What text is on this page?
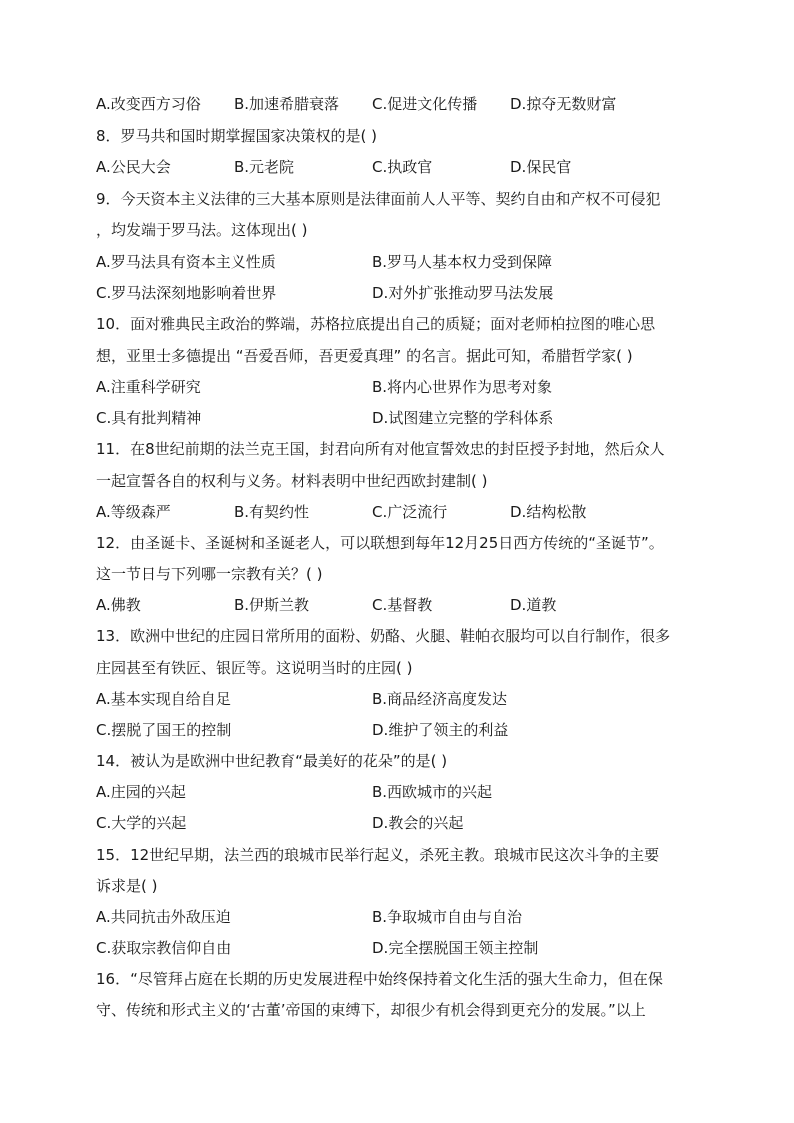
A.改变西方习俗 B.加速希腊衰落 C.促进文化传播 D.掠夺无数财富
8．罗马共和国时期掌握国家决策权的是( )
A.公民大会	B.元老院	C.执政官	D.保民官
9．今天资本主义法律的三大基本原则是法律面前人人平等、契约自由和产权不可侵犯
，均发端于罗马法。这体现出( )
A.罗马法具有资本主义性质	B.罗马人基本权力受到保障
C.罗马法深刻地影响着世界	D.对外扩张推动罗马法发展
10．面对雅典民主政治的弊端，苏格拉底提出自己的质疑；面对老师柏拉图的唯心思
想，亚里士多德提出 “吾爱吾师，吾更爱真理” 的名言。据此可知，希腊哲学家( )
A.注重科学研究	B.将内心世界作为思考对象
C.具有批判精神	D.试图建立完整的学科体系
11．在8世纪前期的法兰克王国，封君向所有对他宣誓效忠的封臣授予封地，然后众人
一起宣誓各自的权利与义务。材料表明中世纪西欧封建制( )
A.等级森严	B.有契约性	C.广泛流行	D.结构松散
12．由圣诞卡、圣诞树和圣诞老人，可以联想到每年12月25日西方传统的“圣诞节”。
这一节日与下列哪一宗教有关？( )
A.佛教	B.伊斯兰教	C.基督教	D.道教
13．欧洲中世纪的庄园日常所用的面粉、奶酪、火腿、鞋帕衣服均可以自行制作，很多
庄园甚至有铁匠、银匠等。这说明当时的庄园( )
A.基本实现自给自足	B.商品经济高度发达
C.摆脱了国王的控制	D.维护了领主的利益
14．被认为是欧洲中世纪教育“最美好的花朵”的是( )
A.庄园的兴起	B.西欧城市的兴起
C.大学的兴起	D.教会的兴起
15．12世纪早期，法兰西的琅城市民举行起义，杀死主教。琅城市民这次斗争的主要
诉求是( )
A.共同抗击外敌压迫	B.争取城市自由与自治
C.获取宗教信仰自由	D.完全摆脱国王领主控制
16．“尽管拜占庭在长期的历史发展进程中始终保持着文化生活的强大生命力，但在保
守、传统和形式主义的‘古董’帝国的束缚下，却很少有机会得到更充分的发展。”以上
